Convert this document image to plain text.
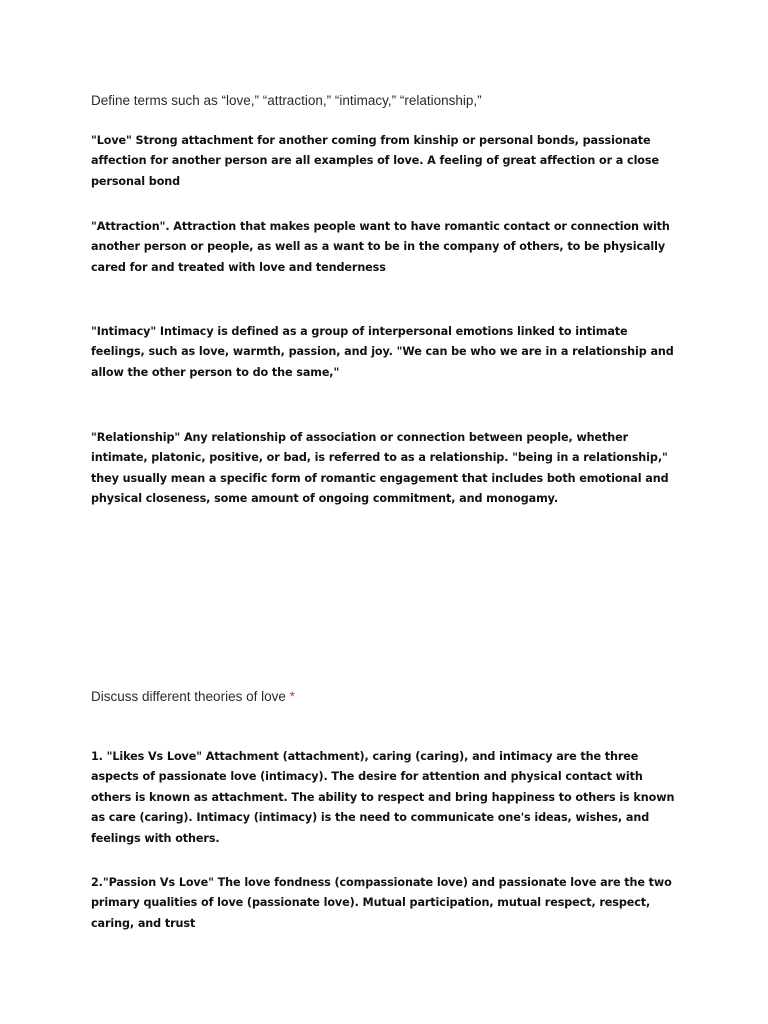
Define terms such as “love,” “attraction,” “intimacy,” “relationship,”
"Love" Strong attachment for another coming from kinship or personal bonds, passionate affection for another person are all examples of love. A feeling of great affection or a close personal bond
"Attraction". Attraction that makes people want to have romantic contact or connection with another person or people, as well as a want to be in the company of others, to be physically cared for and treated with love and tenderness
"Intimacy" Intimacy is defined as a group of interpersonal emotions linked to intimate feelings, such as love, warmth, passion, and joy. "We can be who we are in a relationship and allow the other person to do the same,"
"Relationship" Any relationship of association or connection between people, whether intimate, platonic, positive, or bad, is referred to as a relationship. "being in a relationship," they usually mean a specific form of romantic engagement that includes both emotional and physical closeness, some amount of ongoing commitment, and monogamy.
Discuss different theories of love *
1. "Likes Vs Love" Attachment (attachment), caring (caring), and intimacy are the three aspects of passionate love (intimacy). The desire for attention and physical contact with others is known as attachment. The ability to respect and bring happiness to others is known as care (caring). Intimacy (intimacy) is the need to communicate one's ideas, wishes, and feelings with others.
2."Passion Vs Love" The love fondness (compassionate love) and passionate love are the two primary qualities of love (passionate love). Mutual participation, mutual respect, respect, caring, and trust
